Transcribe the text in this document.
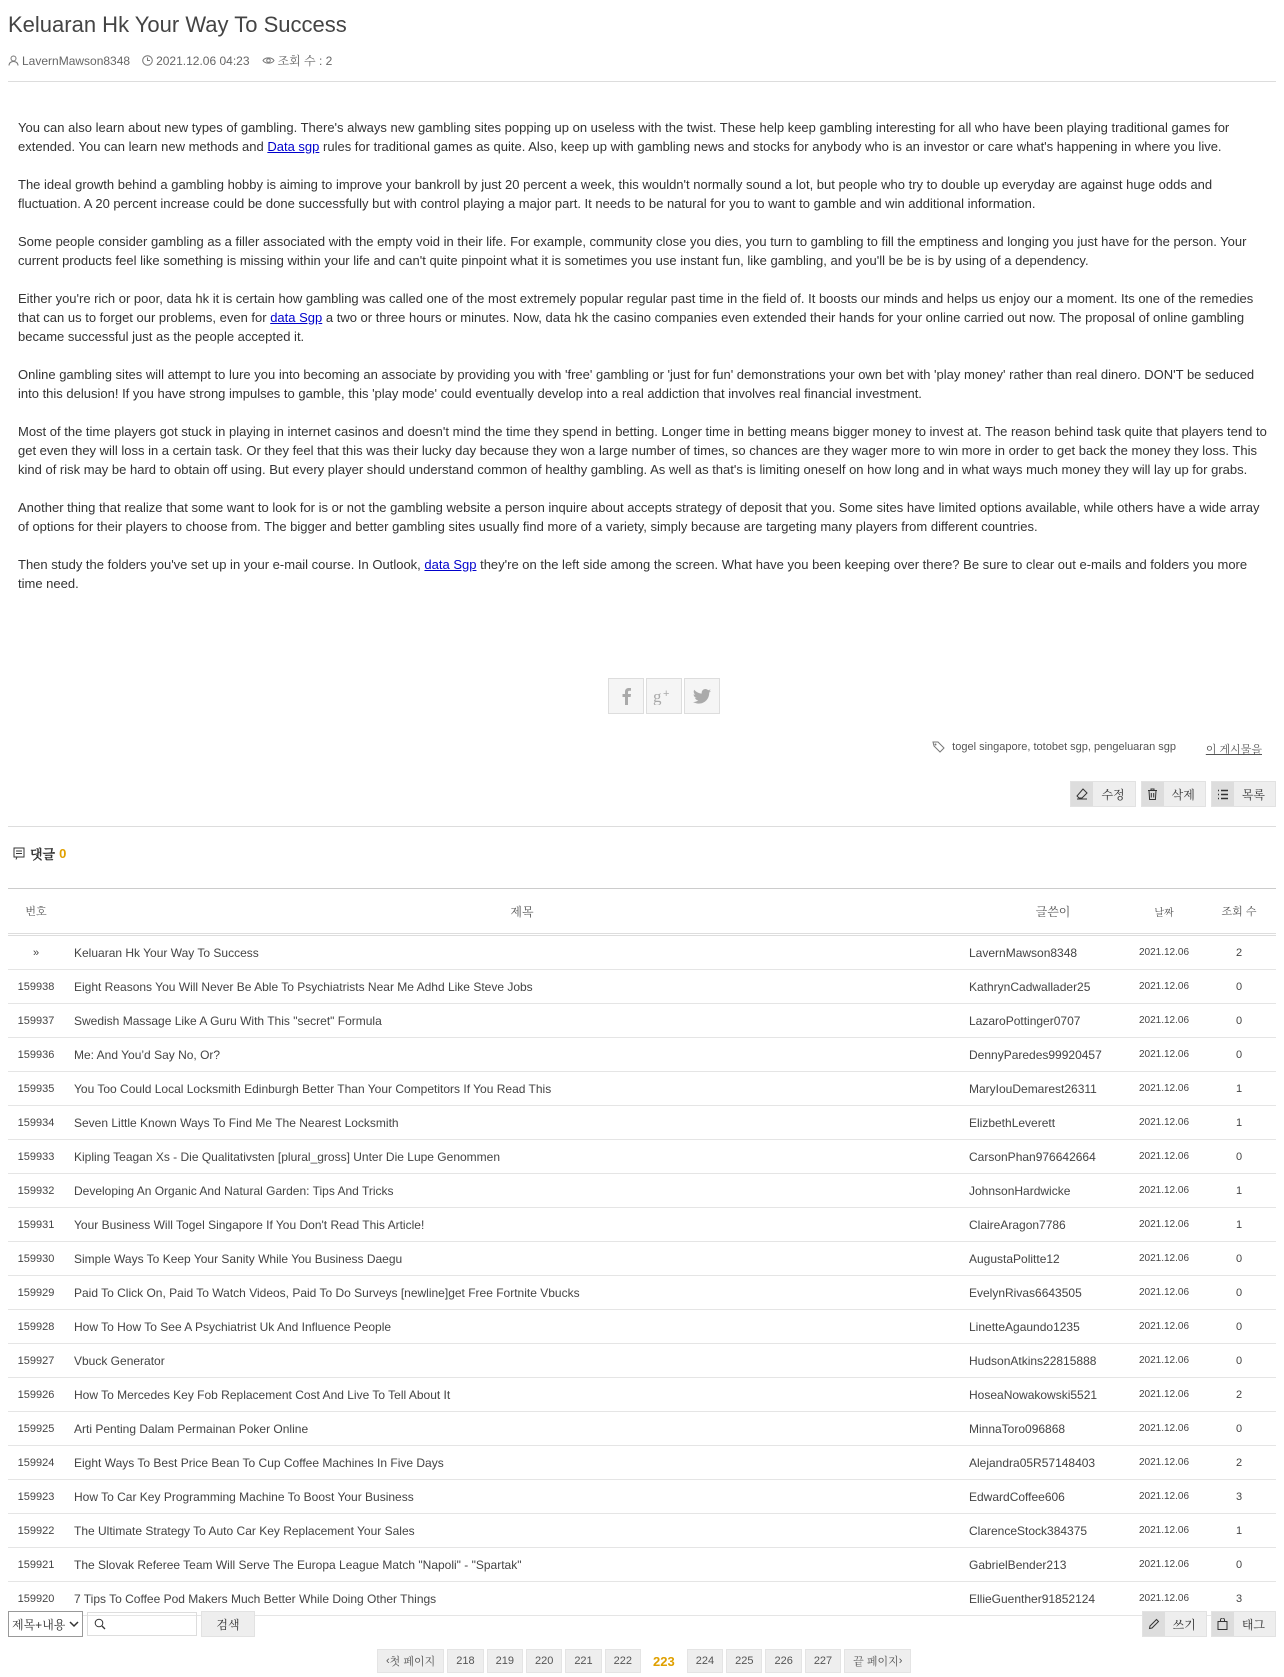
Keluaran Hk Your Way To Success
LavernMawson8348 2021.12.06 04:23 조회 수 : 2

You can also learn about new types of gambling. There's always new gambling sites popping up on useless with the twist. These help keep gambling interesting for all who have been playing traditional games for extended. You can learn new methods and Data sgp rules for traditional games as quite. Also, keep up with gambling news and stocks for anybody who is an investor or care what's happening in where you live.

The ideal growth behind a gambling hobby is aiming to improve your bankroll by just 20 percent a week, this wouldn't normally sound a lot, but people who try to double up everyday are against huge odds and fluctuation. A 20 percent increase could be done successfully but with control playing a major part. It needs to be natural for you to want to gamble and win additional information.

Some people consider gambling as a filler associated with the empty void in their life. For example, community close you dies, you turn to gambling to fill the emptiness and longing you just have for the person. Your current products feel like something is missing within your life and can't quite pinpoint what it is sometimes you use instant fun, like gambling, and you'll be be is by using of a dependency.

Either you're rich or poor, data hk it is certain how gambling was called one of the most extremely popular regular past time in the field of. It boosts our minds and helps us enjoy our a moment. Its one of the remedies that can us to forget our problems, even for data Sgp a two or three hours or minutes. Now, data hk the casino companies even extended their hands for your online carried out now. The proposal of online gambling became successful just as the people accepted it.

Online gambling sites will attempt to lure you into becoming an associate by providing you with 'free' gambling or 'just for fun' demonstrations your own bet with 'play money' rather than real dinero. DON'T be seduced into this delusion! If you have strong impulses to gamble, this 'play mode' could eventually develop into a real addiction that involves real financial investment.

Most of the time players got stuck in playing in internet casinos and doesn't mind the time they spend in betting. Longer time in betting means bigger money to invest at. The reason behind task quite that players tend to get even they will loss in a certain task. Or they feel that this was their lucky day because they won a large number of times, so chances are they wager more to win more in order to get back the money they loss. This kind of risk may be hard to obtain off using. But every player should understand common of healthy gambling. As well as that's is limiting oneself on how long and in what ways much money they will lay up for grabs.

Another thing that realize that some want to look for is or not the gambling website a person inquire about accepts strategy of deposit that you. Some sites have limited options available, while others have a wide array of options for their players to choose from. The bigger and better gambling sites usually find more of a variety, simply because are targeting many players from different countries.

Then study the folders you've set up in your e-mail course. In Outlook, data Sgp they're on the left side among the screen. What have you been keeping over there? Be sure to clear out e-mails and folders you more time need.

g +
togel singapore, totobet sgp, pengeluaran sgp	이 게시물을
수정	삭제	목록
댓글 0
번호	제목	글쓴이	날짜	조회 수
»	Keluaran Hk Your Way To Success	LavernMawson8348	2021.12.06	2
159938	Eight Reasons You Will Never Be Able To Psychiatrists Near Me Adhd Like Steve Jobs	KathrynCadwallader25	2021.12.06	0
159937	Swedish Massage Like A Guru With This "secret" Formula	LazaroPottinger0707	2021.12.06	0
159936	Me: And You’d Say No, Or?	DennyParedes99920457	2021.12.06	0
159935	You Too Could Local Locksmith Edinburgh Better Than Your Competitors If You Read This	MaryIouDemarest26311	2021.12.06	1
159934	Seven Little Known Ways To Find Me The Nearest Locksmith	ElizbethLeverett	2021.12.06	1
159933	Kipling Teagan Xs - Die Qualitativsten [plural_gross] Unter Die Lupe Genommen	CarsonPhan976642664	2021.12.06	0
159932	Developing An Organic And Natural Garden: Tips And Tricks	JohnsonHardwicke	2021.12.06	1
159931	Your Business Will Togel Singapore If You Don't Read This Article!	ClaireAragon7786	2021.12.06	1
159930	Simple Ways To Keep Your Sanity While You Business Daegu	AugustaPolitte12	2021.12.06	0
159929	Paid To Click On, Paid To Watch Videos, Paid To Do Surveys [newline]get Free Fortnite Vbucks	EvelynRivas6643505	2021.12.06	0
159928	How To How To See A Psychiatrist Uk And Influence People	LinetteAgaundo1235	2021.12.06	0
159927	Vbuck Generator	HudsonAtkins22815888	2021.12.06	0
159926	How To Mercedes Key Fob Replacement Cost And Live To Tell About It	HoseaNowakowski5521	2021.12.06	2
159925	Arti Penting Dalam Permainan Poker Online	MinnaToro096868	2021.12.06	0
159924	Eight Ways To Best Price Bean To Cup Coffee Machines In Five Days	Alejandra05R57148403	2021.12.06	2
159923	How To Car Key Programming Machine To Boost Your Business	EdwardCoffee606	2021.12.06	3
159922	The Ultimate Strategy To Auto Car Key Replacement Your Sales	ClarenceStock384375	2021.12.06	1
159921	The Slovak Referee Team Will Serve The Europa League Match "Napoli" - "Spartak"	GabrielBender213	2021.12.06	0
159920	7 Tips To Coffee Pod Makers Much Better While Doing Other Things	EllieGuenther91852124	2021.12.06	3
제목+내용	검색	쓰기	태그
‹ 첫 페이지 218 219 220 221 222 223 224 225 226 227 끝 페이지 ›
